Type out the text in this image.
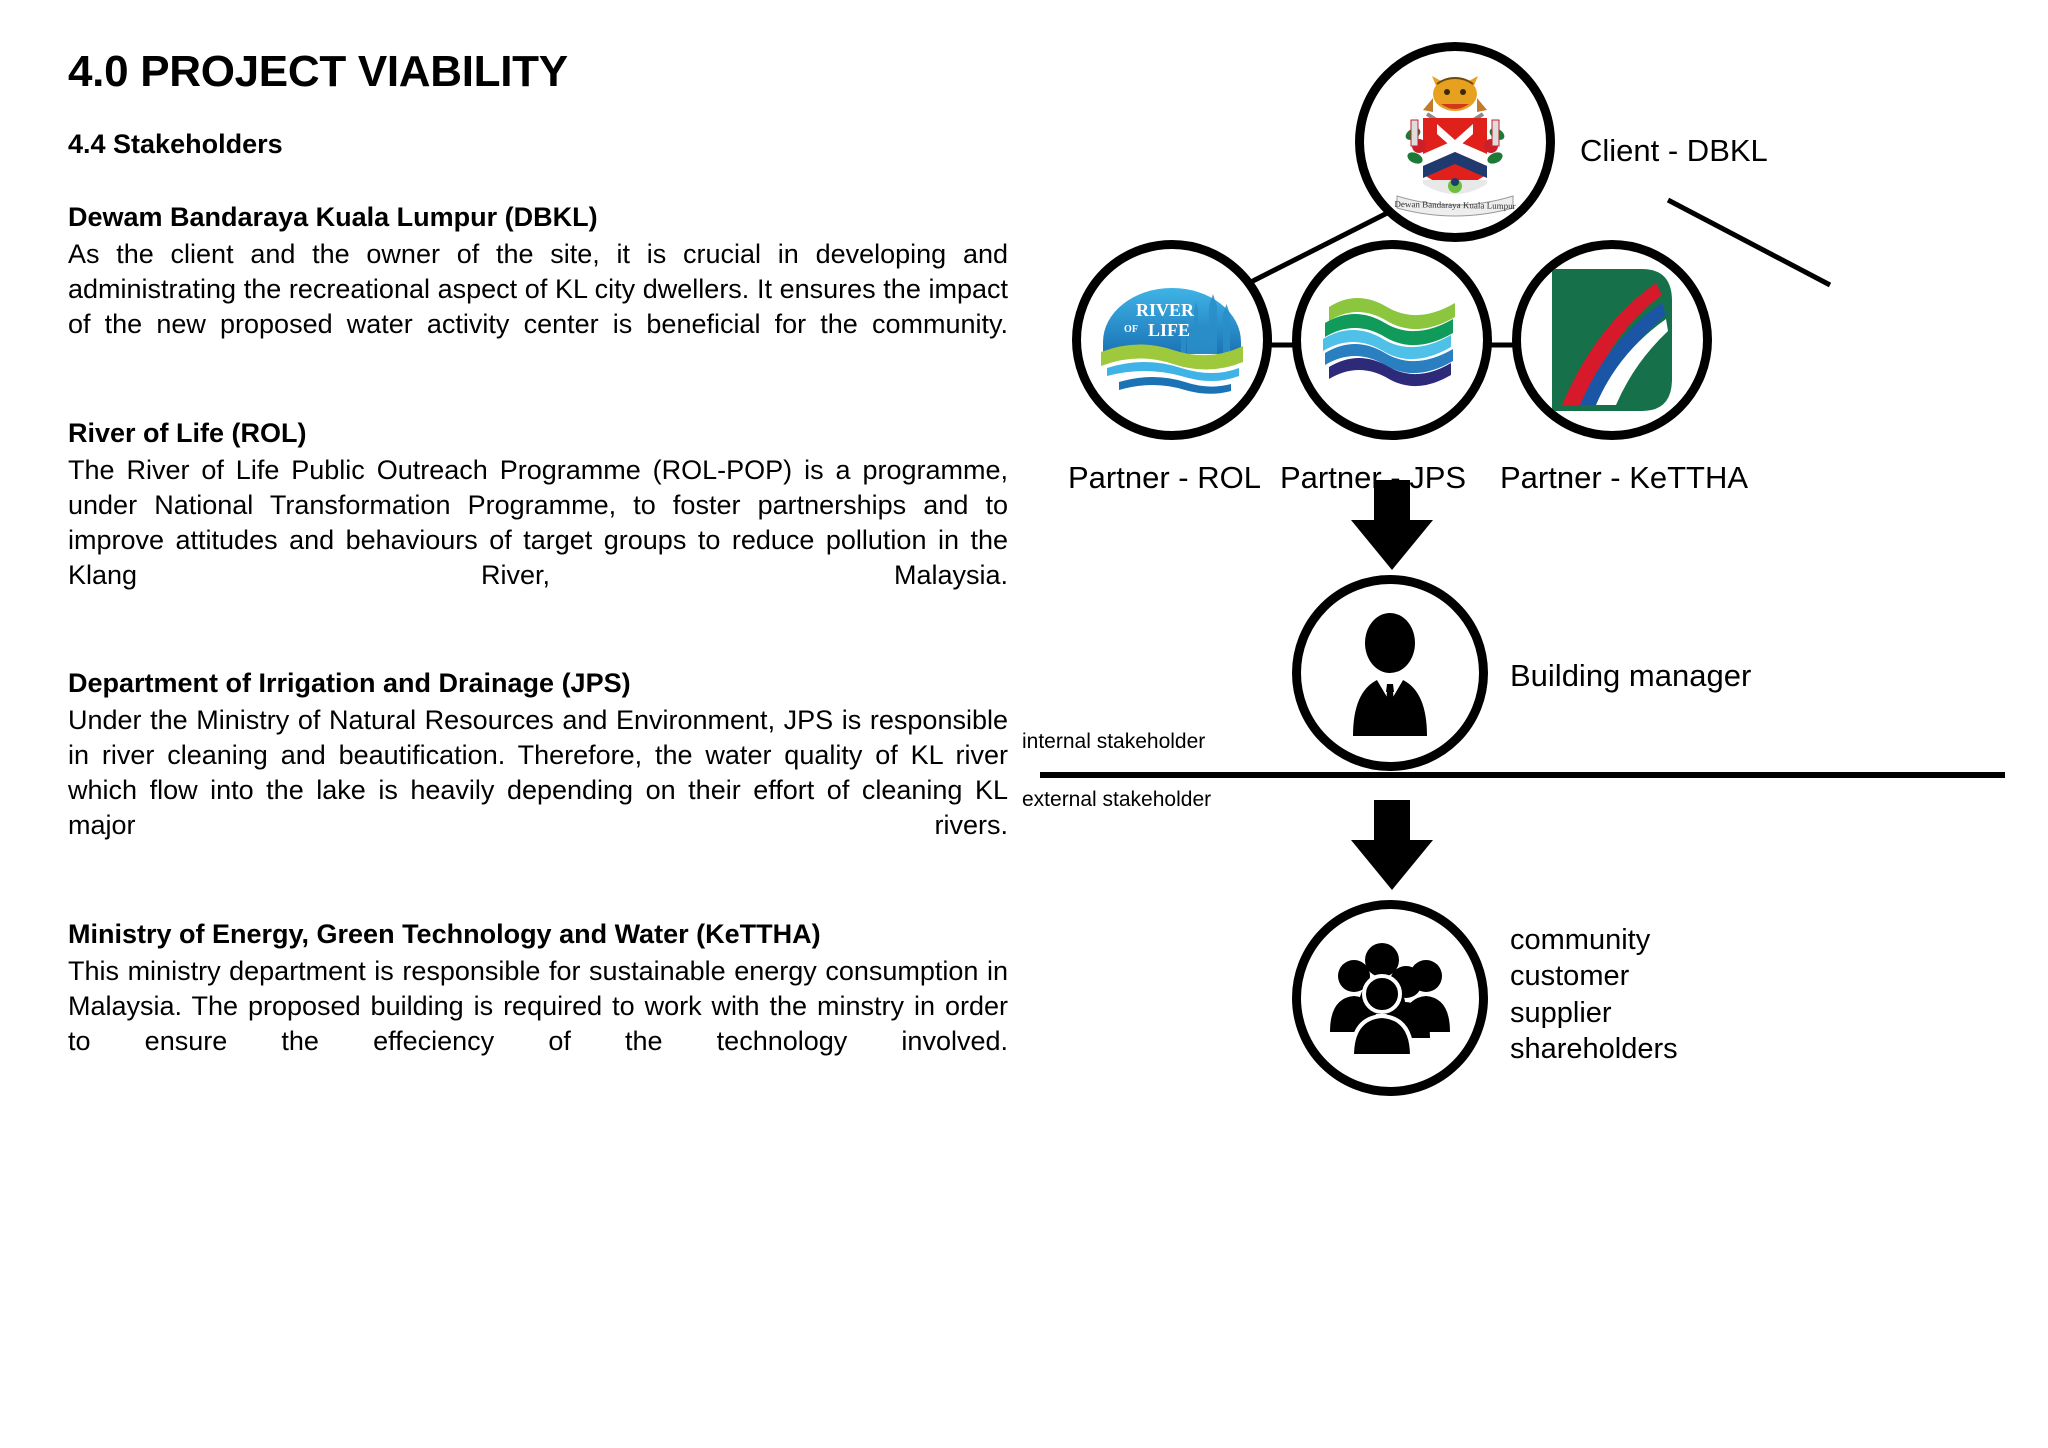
4.0 PROJECT VIABILITY
4.4 Stakeholders
Dewam Bandaraya Kuala Lumpur (DBKL)

As the client and the owner of the site, it is crucial in developing and administrating the recreational aspect of KL city dwellers. It ensures the impact of the new proposed water activity center is beneficial for the community.

River of Life (ROL)

The River of Life Public Outreach Programme (ROL-POP) is a programme, under National Transformation Programme, to foster partnerships and to improve attitudes and behaviours of target groups to reduce pollution in the Klang River, Malaysia.

Department of Irrigation and Drainage (JPS)

Under the Ministry of Natural Resources and Environment, JPS is responsible in river cleaning and beautification. Therefore, the water quality of KL river which flow into the lake is heavily depending on their effort of cleaning KL major rivers.

Ministry of Energy, Green Technology and Water (KeTTHA)

This ministry department is responsible for sustainable energy consumption in Malaysia. The proposed building is required to work with the minstry in order to ensure the effeciency of the technology involved.

Dewan Bandaraya Kuala Lumpur
Client - DBKL
RIVER
OF LIFE
Partner - ROL Partner - JPS Partner - KeTTHA
internal stakeholder
external stakeholder
Building manager
community
customer
supplier
shareholders
